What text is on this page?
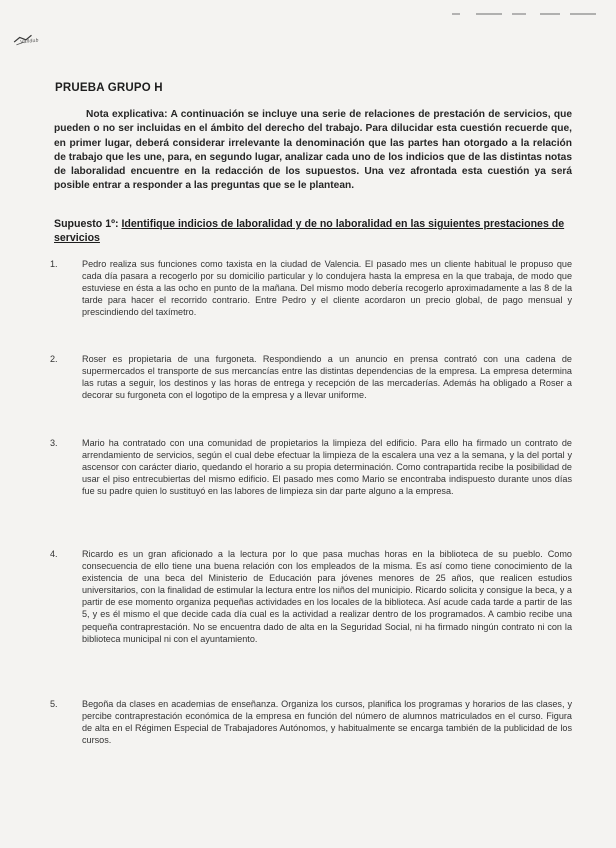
Valldub
PRUEBA GRUPO H

Nota explicativa: A continuación se incluye una serie de relaciones de prestación de servicios, que pueden o no ser incluidas en el ámbito del derecho del trabajo. Para dilucidar esta cuestión recuerde que, en primer lugar, deberá considerar irrelevante la denominación que las partes han otorgado a la relación de trabajo que les une, para, en segundo lugar, analizar cada uno de los indicios que de las distintas notas de laboralidad encuentre en la redacción de los supuestos. Una vez afrontada esta cuestión ya será posible entrar a responder a las preguntas que se le plantean.

Supuesto 1º: Identifique indicios de laboralidad y de no laboralidad en las siguientes prestaciones de servicios
1.	Pedro realiza sus funciones como taxista en la ciudad de Valencia. El pasado mes un cliente habitual le propuso que cada día pasara a recogerlo por su domicilio particular y lo condujera hasta la empresa en la que trabaja, de modo que estuviese en ésta a las ocho en punto de la mañana. Del mismo modo debería recogerlo aproximadamente a las 8 de la tarde para hacer el recorrido contrario. Entre Pedro y el cliente acordaron un precio global, de pago mensual y prescindiendo del taxímetro.
2.	Roser es propietaria de una furgoneta. Respondiendo a un anuncio en prensa contrató con una cadena de supermercados el transporte de sus mercancías entre las distintas dependencias de la empresa. La empresa determina las rutas a seguir, los destinos y las horas de entrega y recepción de las mercaderías. Además ha obligado a Roser a decorar su furgoneta con el logotipo de la empresa y a llevar uniforme.
3.	Mario ha contratado con una comunidad de propietarios la limpieza del edificio. Para ello ha firmado un contrato de arrendamiento de servicios, según el cual debe efectuar la limpieza de la escalera una vez a la semana, y la del portal y ascensor con carácter diario, quedando el horario a su propia determinación. Como contrapartida recibe la posibilidad de usar el piso entrecubiertas del mismo edificio. El pasado mes como Mario se encontraba indispuesto durante unos días fue su padre quien lo sustituyó en las labores de limpieza sin dar parte alguno a la empresa.
4.	Ricardo es un gran aficionado a la lectura por lo que pasa muchas horas en la biblioteca de su pueblo. Como consecuencia de ello tiene una buena relación con los empleados de la misma. Es así como tiene conocimiento de la existencia de una beca del Ministerio de Educación para jóvenes menores de 25 años, que realicen estudios universitarios, con la finalidad de estimular la lectura entre los niños del municipio. Ricardo solicita y consigue la beca, y a partir de ese momento organiza pequeñas actividades en los locales de la biblioteca. Así acude cada tarde a partir de las 5, y es él mismo el que decide cada día cual es la actividad a realizar dentro de los programados. A cambio recibe una pequeña contraprestación. No se encuentra dado de alta en la Seguridad Social, ni ha firmado ningún contrato ni con la biblioteca municipal ni con el ayuntamiento.
5.	Begoña da clases en academias de enseñanza. Organiza los cursos, planifica los programas y horarios de las clases, y percibe contraprestación económica de la empresa en función del número de alumnos matriculados en el curso. Figura de alta en el Régimen Especial de Trabajadores Autónomos, y habitualmente se encarga también de la publicidad de los cursos.
